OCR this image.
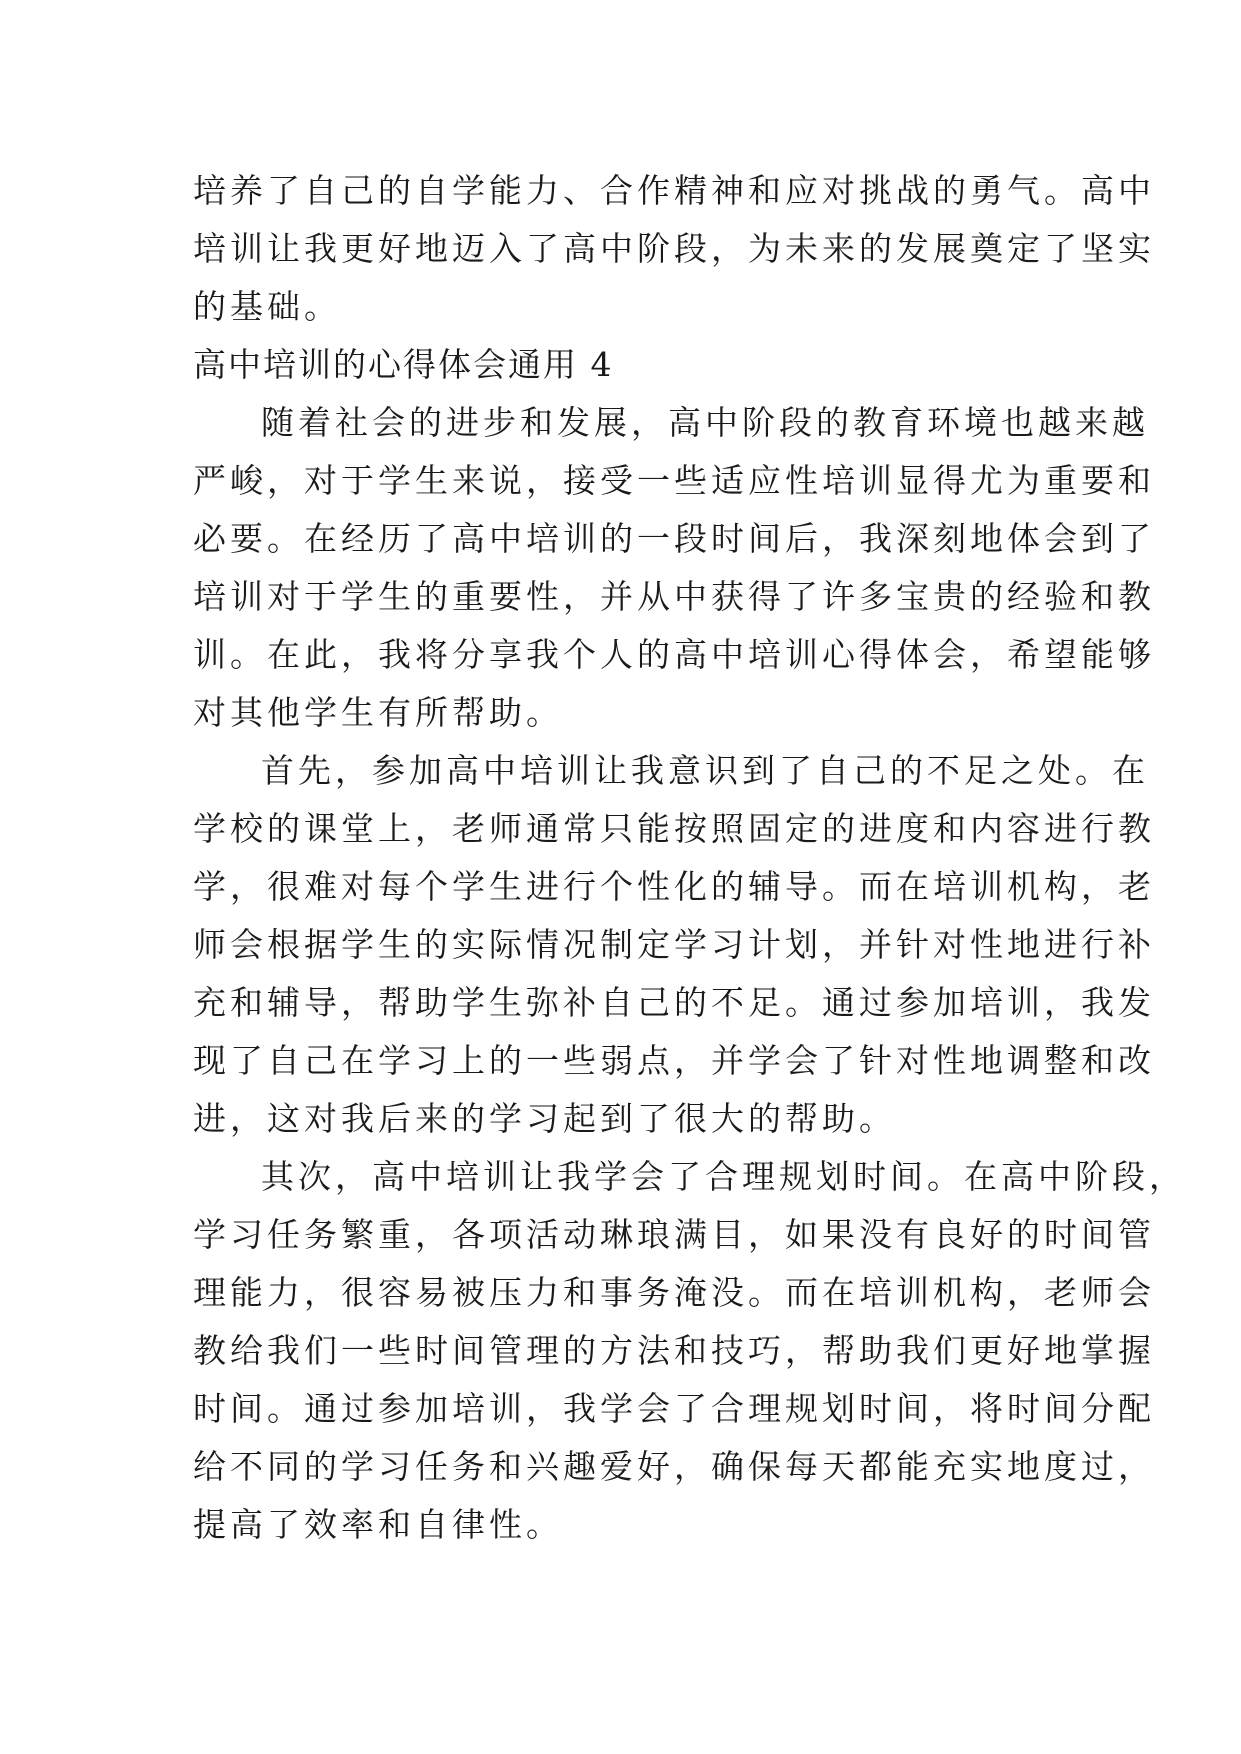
培养了自己的自学能力、合作精神和应对挑战的勇气。高中
培训让我更好地迈入了高中阶段，为未来的发展奠定了坚实
的基础。
高中培训的心得体会通用 4
随着社会的进步和发展，高中阶段的教育环境也越来越
严峻，对于学生来说，接受一些适应性培训显得尤为重要和
必要。在经历了高中培训的一段时间后，我深刻地体会到了
培训对于学生的重要性，并从中获得了许多宝贵的经验和教
训。在此，我将分享我个人的高中培训心得体会，希望能够
对其他学生有所帮助。
首先，参加高中培训让我意识到了自己的不足之处。在
学校的课堂上，老师通常只能按照固定的进度和内容进行教
学，很难对每个学生进行个性化的辅导。而在培训机构，老
师会根据学生的实际情况制定学习计划，并针对性地进行补
充和辅导，帮助学生弥补自己的不足。通过参加培训，我发
现了自己在学习上的一些弱点，并学会了针对性地调整和改
进，这对我后来的学习起到了很大的帮助。
其次，高中培训让我学会了合理规划时间。在高中阶段，
学习任务繁重，各项活动琳琅满目，如果没有良好的时间管
理能力，很容易被压力和事务淹没。而在培训机构，老师会
教给我们一些时间管理的方法和技巧，帮助我们更好地掌握
时间。通过参加培训，我学会了合理规划时间，将时间分配
给不同的学习任务和兴趣爱好，确保每天都能充实地度过，
提高了效率和自律性。
